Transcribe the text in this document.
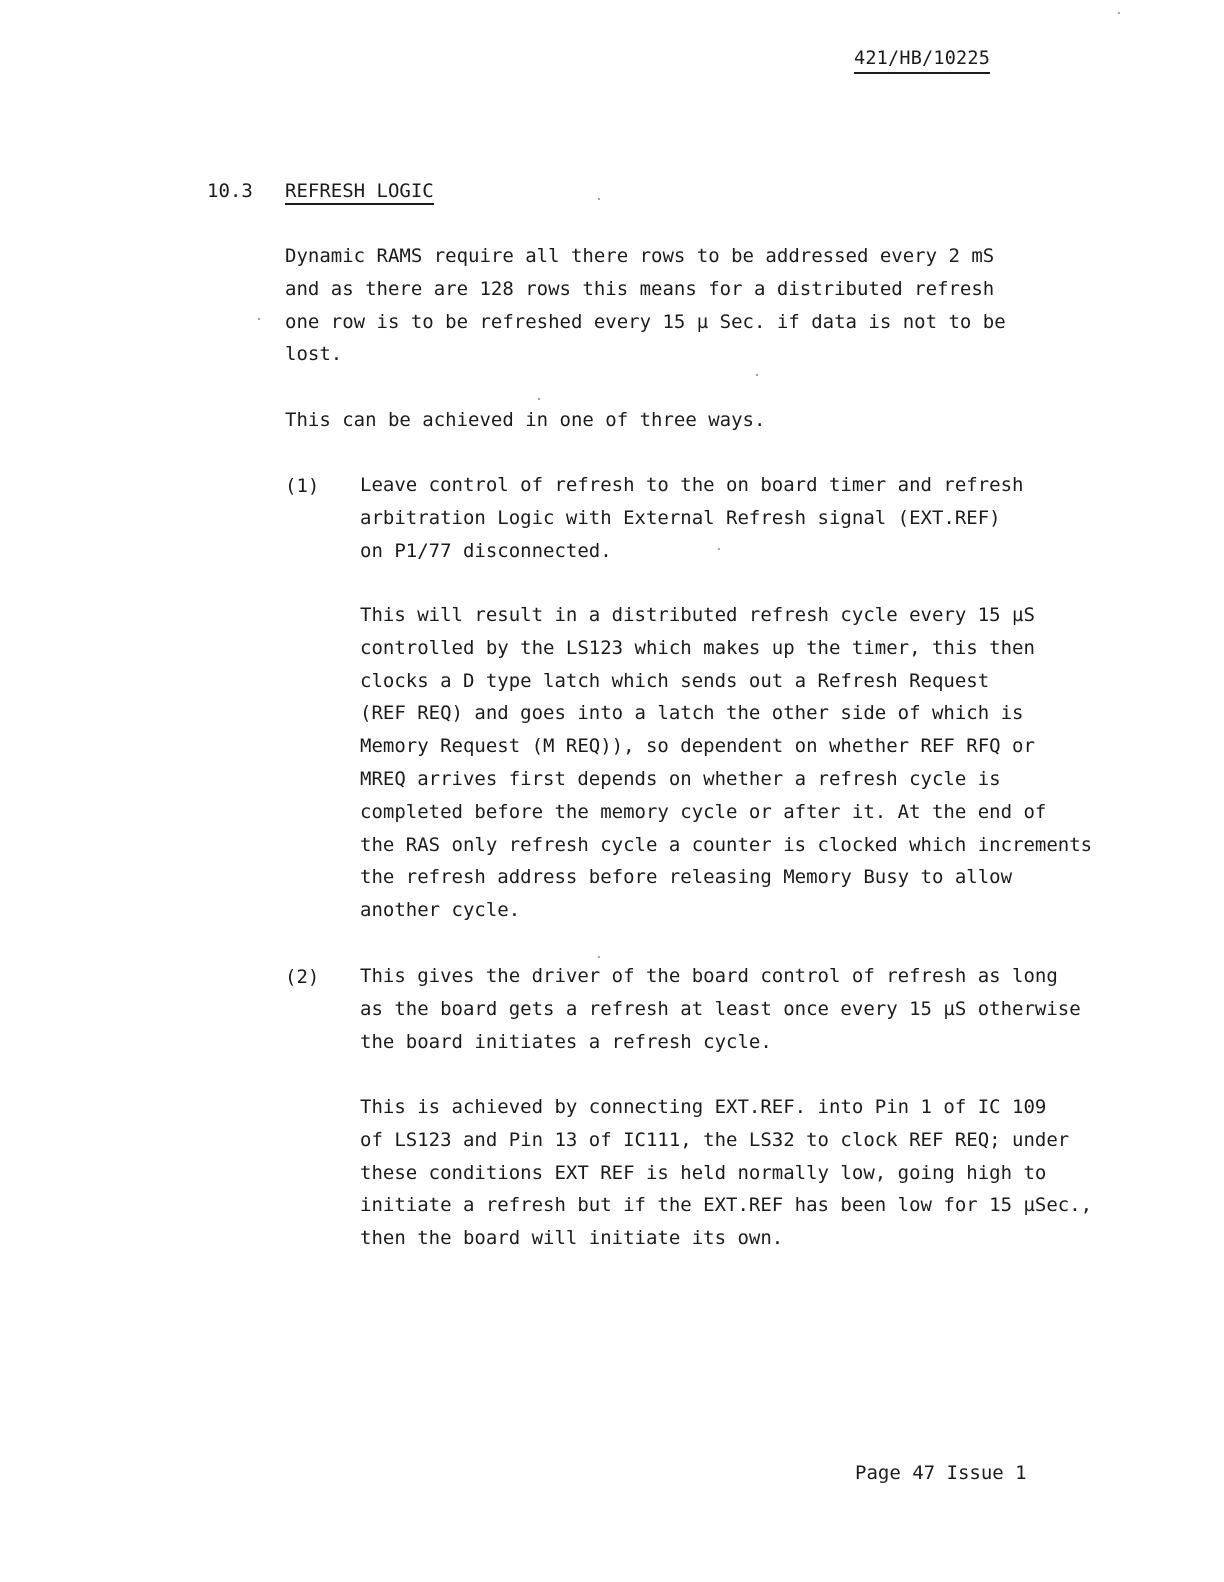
421/HB/10225
10.3 REFRESH LOGIC
Dynamic RAMS require all there rows to be addressed every 2 mS
and as there are 128 rows this means for a distributed refresh
one row is to be refreshed every 15 µ Sec. if data is not to be
lost.
This can be achieved in one of three ways.
(1) Leave control of refresh to the on board timer and refresh
arbitration Logic with External Refresh signal (EXT.REF)
on P1/77 disconnected.
This will result in a distributed refresh cycle every 15 µS
controlled by the LS123 which makes up the timer, this then
clocks a D type latch which sends out a Refresh Request
(REF REQ) and goes into a latch the other side of which is
Memory Request (M REQ)), so dependent on whether REF RFQ or
MREQ arrives first depends on whether a refresh cycle is
completed before the memory cycle or after it. At the end of
the RAS only refresh cycle a counter is clocked which increments
the refresh address before releasing Memory Busy to allow
another cycle.
(2) This gives the driver of the board control of refresh as long
as the board gets a refresh at least once every 15 µS otherwise
the board initiates a refresh cycle.
This is achieved by connecting EXT.REF. into Pin 1 of IC 109
of LS123 and Pin 13 of IC111, the LS32 to clock REF REQ; under
these conditions EXT REF is held normally low, going high to
initiate a refresh but if the EXT.REF has been low for 15 µSec.,
then the board will initiate its own.
Page 47 Issue 1
